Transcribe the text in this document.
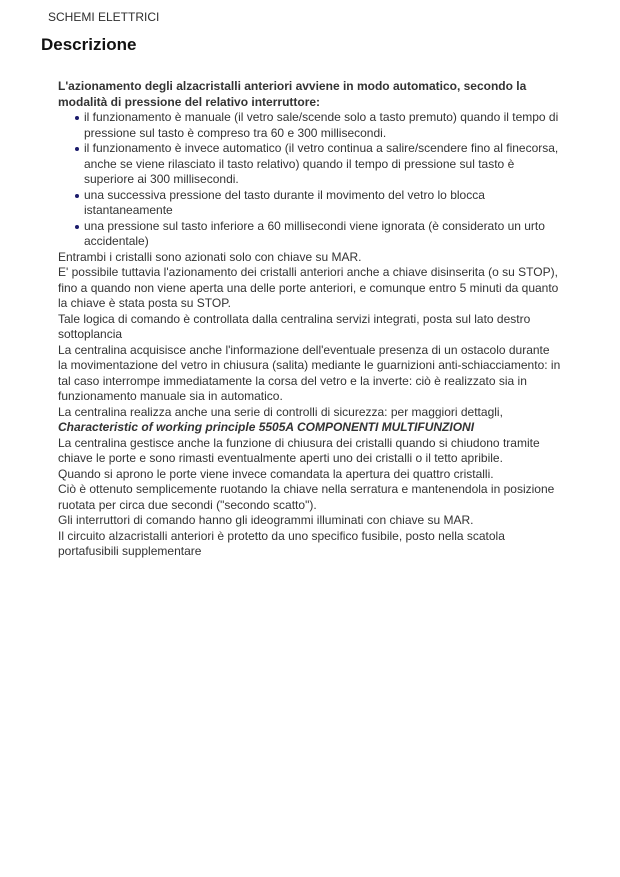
SCHEMI ELETTRICI
Descrizione

L'azionamento degli alzacristalli anteriori avviene in modo automatico, secondo la modalità di pressione del relativo interruttore:

il funzionamento è manuale (il vetro sale/scende solo a tasto premuto) quando il tempo di pressione sul tasto è compreso tra 60 e 300 millisecondi.
il funzionamento è invece automatico (il vetro continua a salire/scendere fino al finecorsa, anche se viene rilasciato il tasto relativo) quando il tempo di pressione sul tasto è superiore ai 300 millisecondi.
una successiva pressione del tasto durante il movimento del vetro lo blocca istantaneamente
una pressione sul tasto inferiore a 60 millisecondi viene ignorata (è considerato un urto accidentale)

Entrambi i cristalli sono azionati solo con chiave su MAR.

E' possibile tuttavia l'azionamento dei cristalli anteriori anche a chiave disinserita (o su STOP), fino a quando non viene aperta una delle porte anteriori, e comunque entro 5 minuti da quanto la chiave è stata posta su STOP.

Tale logica di comando è controllata dalla centralina servizi integrati, posta sul lato destro sottoplancia

La centralina acquisisce anche l'informazione dell'eventuale presenza di un ostacolo durante la movimentazione del vetro in chiusura (salita) mediante le guarnizioni anti-schiacciamento: in tal caso interrompe immediatamente la corsa del vetro e la inverte: ciò è realizzato sia in funzionamento manuale sia in automatico.

La centralina realizza anche una serie di controlli di sicurezza: per maggiori dettagli,

Characteristic of working principle 5505A COMPONENTI MULTIFUNZIONI

La centralina gestisce anche la funzione di chiusura dei cristalli quando si chiudono tramite chiave le porte e sono rimasti eventualmente aperti uno dei cristalli o il tetto apribile.

Quando si aprono le porte viene invece comandata la apertura dei quattro cristalli.

Ciò è ottenuto semplicemente ruotando la chiave nella serratura e mantenendola in posizione ruotata per circa due secondi ("secondo scatto").

Gli interruttori di comando hanno gli ideogrammi illuminati con chiave su MAR.

Il circuito alzacristalli anteriori è protetto da uno specifico fusibile, posto nella scatola portafusibili supplementare
